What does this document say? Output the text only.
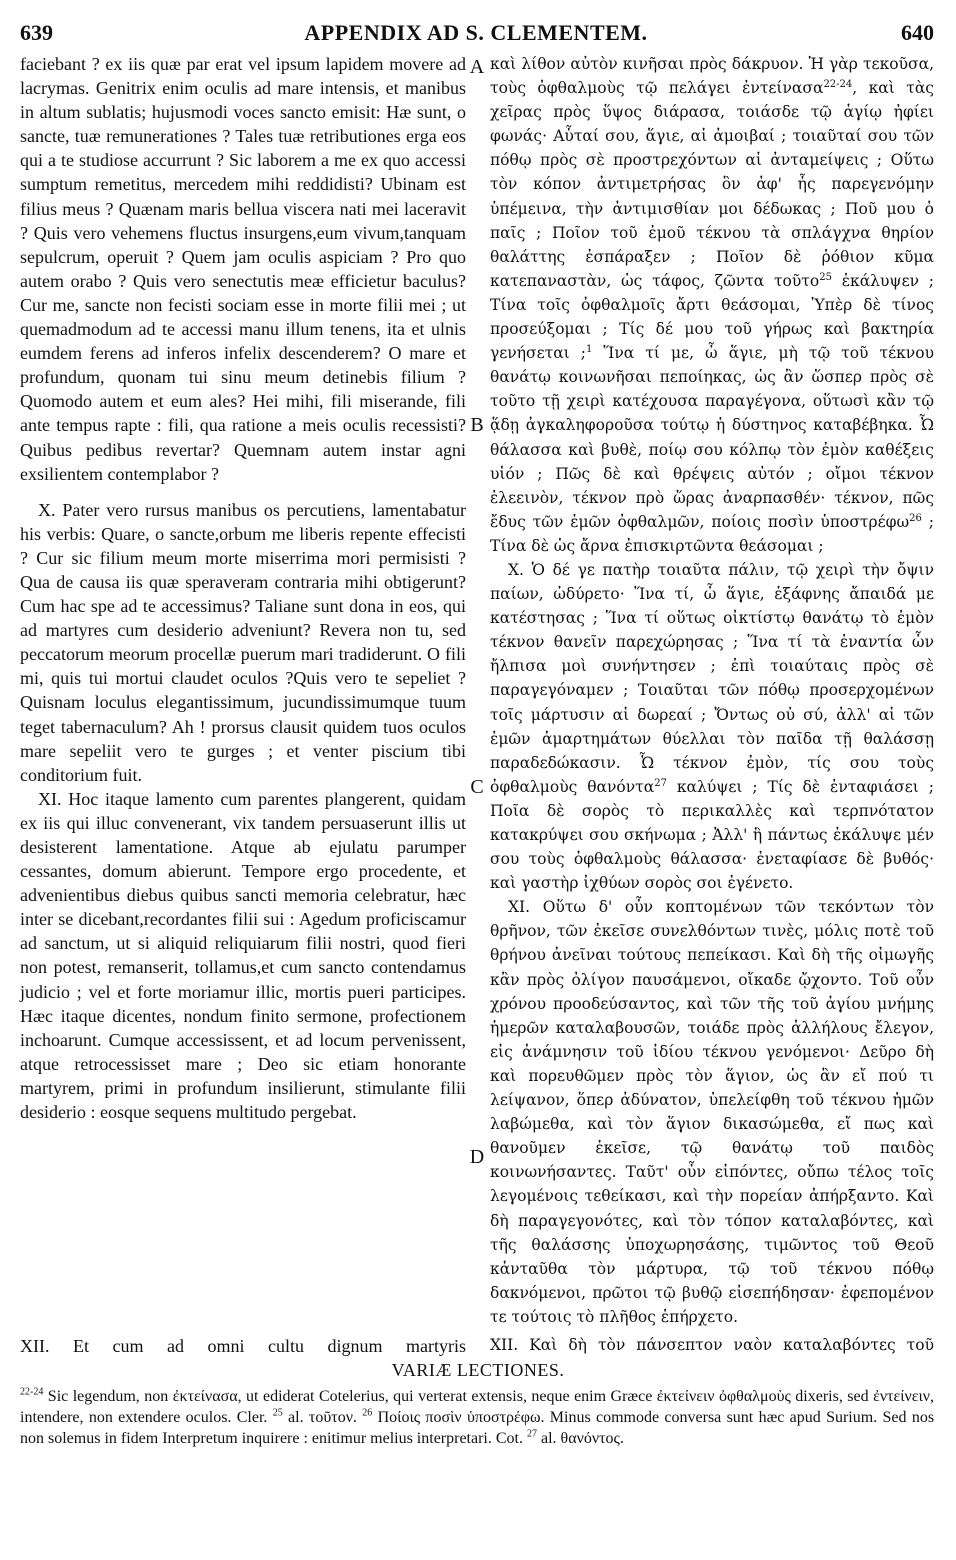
639	APPENDIX AD S. CLEMENTEM.	640

faciebant ? ex iis quæ par erat vel ipsum lapidem movere ad lacrymas. Genitrix enim oculis ad mare intensis, et manibus in altum sublatis; hujusmodi voces sancto emisit: Hæ sunt, o sancte, tuæ remunerationes ? Tales tuæ retributiones erga eos qui a te studiose accurrunt ? Sic laborem a me ex quo accessi sumptum remetitus, mercedem mihi reddidisti? Ubinam est filius meus ? Quænam maris bellua viscera nati mei laceravit ? Quis vero vehemens fluctus insurgens,eum vivum,tanquam sepulcrum, operuit ? Quem jam oculis aspiciam ? Pro quo autem orabo ? Quis vero senectutis meæ efficietur baculus? Cur me, sancte non fecisti sociam esse in morte filii mei ; ut quemadmodum ad te accessi manu illum tenens, ita et ulnis eumdem ferens ad inferos infelix descenderem? O mare et profundum, quonam tui sinu meum detinebis filium ? Quomodo autem et eum ales? Hei mihi, fili miserande, fili ante tempus rapte : fili, qua ratione a meis oculis recessisti? Quibus pedibus revertar? Quemnam autem instar agni exsilientem contemplabor ?

X. Pater vero rursus manibus os percutiens, lamentabatur his verbis: Quare, o sancte,orbum me liberis repente effecisti ? Cur sic filium meum morte miserrima mori permisisti ? Qua de causa iis quæ speraveram contraria mihi obtigerunt? Cum hac spe ad te accessimus? Taliane sunt dona in eos, qui ad martyres cum desiderio adveniunt? Revera non tu, sed peccatorum meorum procellæ puerum mari tradiderunt. O fili mi, quis tui mortui claudet oculos ?Quis vero te sepeliet ? Quisnam loculus elegantissimum, jucundissimumque tuum teget tabernaculum? Ah ! prorsus clausit quidem tuos oculos mare sepeliit vero te gurges ; et venter piscium tibi conditorium fuit.

XI. Hoc itaque lamento cum parentes plangerent, quidam ex iis qui illuc convenerant, vix tandem persuaserunt illis ut desisterent lamentatione. Atque ab ejulatu parumper cessantes, domum abierunt. Tempore ergo procedente, et advenientibus diebus quibus sancti memoria celebratur, hæc inter se dicebant,recordantes filii sui : Agedum proficiscamur ad sanctum, ut si aliquid reliquiarum filii nostri, quod fieri non potest, remanserit, tollamus,et cum sancto contendamus judicio ; vel et forte moriamur illic, mortis pueri participes. Hæc itaque dicentes, nondum finito sermone, profectionem inchoarunt. Cumque accessissent, et ad locum pervenissent, atque retrocessisset mare ; Deo sic etiam honorante martyrem, primi in profundum insilierunt, stimulante filii desiderio : eosque sequens multitudo pergebat.

A
B
C
D

καὶ λίθον αὐτὸν κινῆσαι πρὸς δάκρυον. Ἡ γὰρ τεκοῦσα, τοὺς ὀφθαλμοὺς τῷ πελάγει ἐντείνασα$^{22-24}$, καὶ τὰς χεῖρας πρὸς ὕψος διάρασα, τοιάσδε τῷ ἁγίῳ ἠφίει φωνάς· Αὗταί σου, ἅγιε, αἱ ἀμοιβαί ; τοιαῦταί σου τῶν πόθῳ πρὸς σὲ προστρεχόντων αἱ ἀνταμείψεις ; Οὕτω τὸν κόπον ἀντιμετρήσας ὃν ἀφ' ἧς παρεγενόμην ὑπέμεινα, τὴν ἀντιμισθίαν μοι δέδωκας ; Ποῦ μου ὁ παῖς ; Ποῖον τοῦ ἐμοῦ τέκνου τὰ σπλάγχνα θηρίον θαλάττης ἐσπάραξεν ; Ποῖον δὲ ῥόθιον κῦμα κατεπαναστὰν, ὡς τάφος, ζῶντα τοῦτο$^{25}$ ἐκάλυψεν ; Τίνα τοῖς ὀφθαλμοῖς ἄρτι θεάσομαι, Ὑπὲρ δὲ τίνος προσεύξομαι ; Τίς δέ μου τοῦ γήρως καὶ βακτηρία γενήσεται ;$^1$ Ἵνα τί με, ὦ ἅγιε, μὴ τῷ τοῦ τέκνου θανάτῳ κοινωνῆσαι πεποίηκας, ὡς ἂν ὥσπερ πρὸς σὲ τοῦτο τῇ χειρὶ κατέχουσα παραγέγονα, οὕτωσὶ κἂν τῷ ᾅδῃ ἀγκαληφοροῦσα τούτῳ ἡ δύστηνος καταβέβηκα. Ὦ θάλασσα καὶ βυθὲ, ποίῳ σου κόλπῳ τὸν ἐμὸν καθέξεις υἱόν ; Πῶς δὲ καὶ θρέψεις αὐτόν ; οἴμοι τέκνον ἐλεεινὸν, τέκνον πρὸ ὥρας ἀναρπασθέν· τέκνον, πῶς ἔδυς τῶν ἐμῶν ὀφθαλμῶν, ποίοις ποσὶν ὑποστρέφω$^{26}$ ; Τίνα δὲ ὡς ἄρνα ἐπισκιρτῶντα θεάσομαι ;

X. Ὁ δέ γε πατὴρ τοιαῦτα πάλιν, τῷ χειρὶ τὴν ὄψιν παίων, ὠδύρετο· Ἵνα τί, ὦ ἅγιε, ἐξάφνης ἄπαιδά με κατέστησας ; Ἵνα τί οὕτως οἰκτίστῳ θανάτῳ τὸ ἐμὸν τέκνον θανεῖν παρεχώρησας ; Ἵνα τί τὰ ἐναντία ὧν ἤλπισα μοὶ συνήντησεν ; ἐπὶ τοιαύταις πρὸς σὲ παραγεγόναμεν ; Τοιαῦται τῶν πόθῳ προσερχομένων τοῖς μάρτυσιν αἱ δωρεαί ; Ὄντως οὐ σύ, ἀλλ' αἱ τῶν ἐμῶν ἁμαρτημάτων θύελλαι τὸν παῖδα τῇ θαλάσσῃ παραδεδώκασιν. Ὦ τέκνον ἐμὸν, τίς σου τοὺς ὀφθαλμοὺς θανόντα$^{27}$ καλύψει ; Τίς δὲ ἐνταφιάσει ; Ποῖα δὲ σορὸς τὸ περικαλλὲς καὶ τερπνότατον κατακρύψει σου σκήνωμα ; Ἀλλ' ἢ πάντως ἐκάλυψε μέν σου τοὺς ὀφθαλμοὺς θάλασσα· ἐνεταφίασε δὲ βυθός· καὶ γαστὴρ ἰχθύων σορὸς σοι ἐγένετο.

XI. Οὕτω δ' οὖν κοπτομένων τῶν τεκόντων τὸν θρῆνον, τῶν ἐκεῖσε συνελθόντων τινὲς, μόλις ποτὲ τοῦ θρήνου ἀνεῖναι τούτους πεπείκασι. Καὶ δὴ τῆς οἰμωγῆς κἂν πρὸς ὀλίγον παυσάμενοι, οἴκαδε ᾤχοντο. Τοῦ οὖν χρόνου προοδεύσαντος, καὶ τῶν τῆς τοῦ ἁγίου μνήμης ἡμερῶν καταλαβουσῶν, τοιάδε πρὸς ἀλλήλους ἔλεγον, εἰς ἀνάμνησιν τοῦ ἰδίου τέκνου γενόμενοι· Δεῦρο δὴ καὶ πορευθῶμεν πρὸς τὸν ἅγιον, ὡς ἂν εἴ πού τι λείψανον, ὅπερ ἀδύνατον, ὑπελείφθη τοῦ τέκνου ἡμῶν λαβώμεθα, καὶ τὸν ἅγιον δικασώμεθα, εἴ πως καὶ θανοῦμεν ἐκεῖσε, τῷ θανάτῳ τοῦ παιδὸς κοινωνήσαντες. Ταῦτ' οὖν εἰπόντες, οὔπω τέλος τοῖς λεγομένοις τεθείκασι, καὶ τὴν πορείαν ἀπήρξαντο. Καὶ δὴ παραγεγονότες, καὶ τὸν τόπον καταλαβόντες, καὶ τῆς θαλάσσης ὑποχωρησάσης, τιμῶντος τοῦ Θεοῦ κἀνταῦθα τὸν μάρτυρα, τῷ τοῦ τέκνου πόθῳ δακνόμενοι, πρῶτοι τῷ βυθῷ εἰσεπήδησαν· ἐφεπομένον τε τούτοις τὸ πλῆθος ἐπήρχετο.

XII. Et cum ad omni cultu dignum martyris XII. Καὶ δὴ τὸν πάνσεπτον ναὸν καταλαβόντες τοῦ
VARIÆ LECTIONES.
$^{22-24}$ Sic legendum, non ἐκτείνασα, ut ediderat Cotelerius, qui verterat extensis, neque enim Græce ἐκτείνειν ὀφθαλμοὺς dixeris, sed ἐντείνειν, intendere, non extendere oculos. Cler. $^{25}$ al. τοῦτον. $^{26}$ Ποίοις ποσὶν ὑποστρέφω. Minus commode conversa sunt hæc apud Surium. Sed nos non solemus in fidem Interpretum inquirere : enitimur melius interpretari. Cot. $^{27}$ al. θανόντος.
